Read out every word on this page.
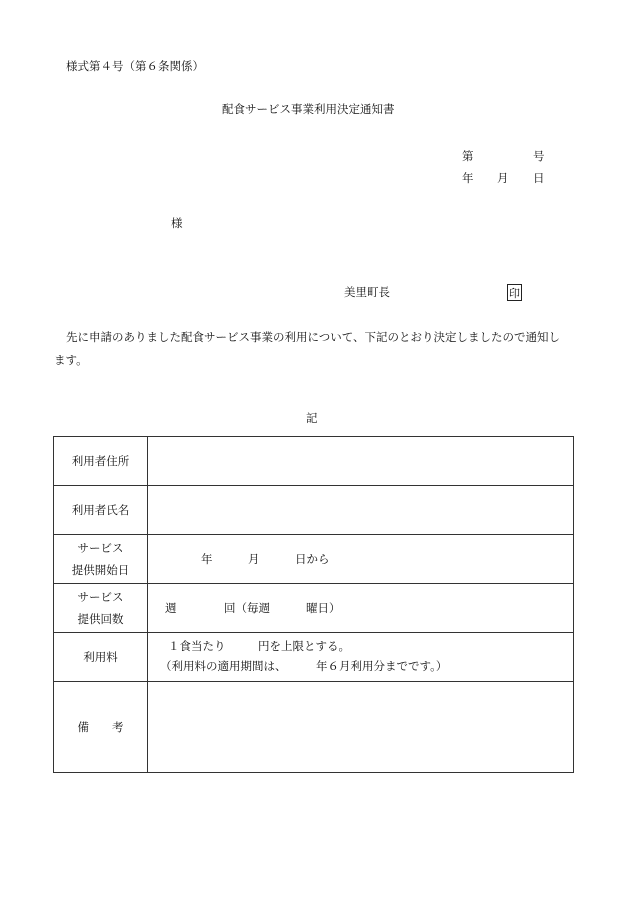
様式第４号（第６条関係）
配食サービス事業利用決定通知書
第	号
年 月 日
様
美里町長	印
先に申請のありました配食サービス事業の利用について、下記のとおり決定しましたので通知し
ます。
記
利用者住所	
利用者氏名	
サービス
提供開始日	年 月 日から

サービス
提供回数	週 回（毎週 曜日）

利用料	１食当たり 円を上限とする。
（利用料の適用期間は、 年６月利用分までです。）

備　　考	
